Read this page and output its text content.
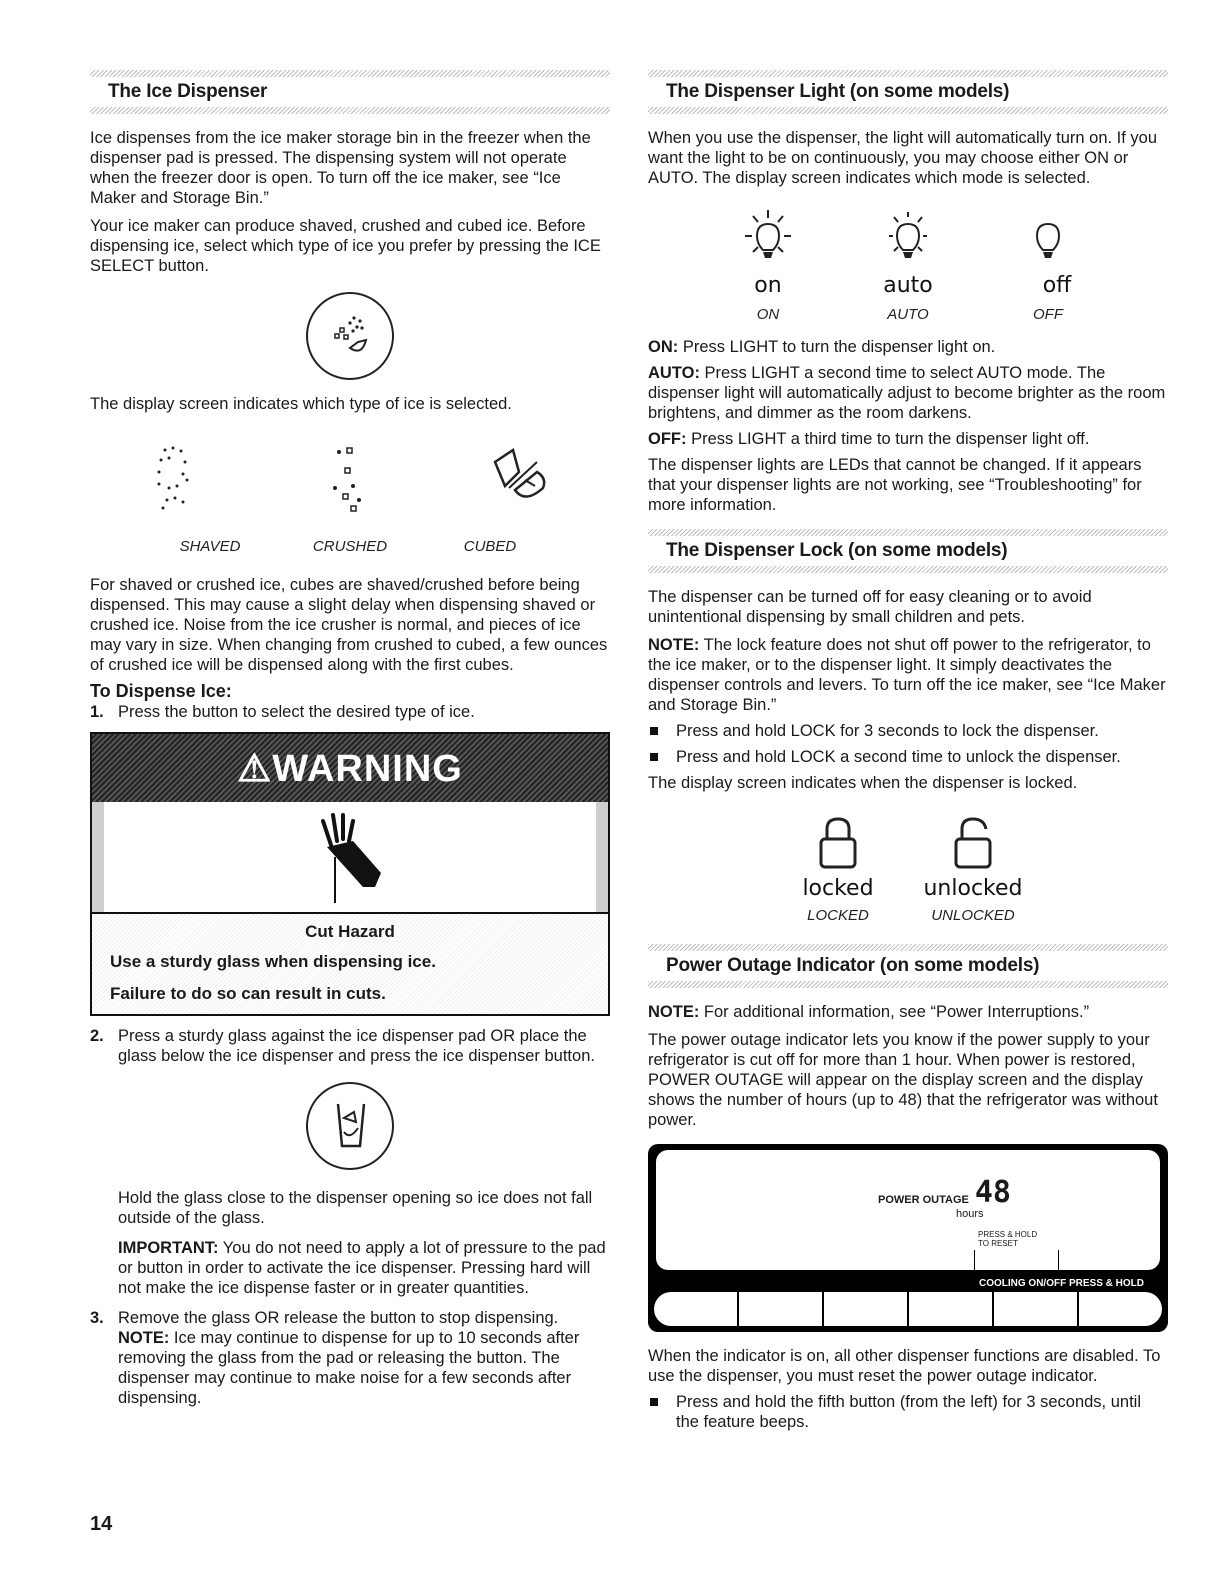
The Ice Dispenser

Ice dispenses from the ice maker storage bin in the freezer when the dispenser pad is pressed. The dispensing system will not operate when the freezer door is open. To turn off the ice maker, see “Ice Maker and Storage Bin.”

Your ice maker can produce shaved, crushed and cubed ice. Before dispensing ice, select which type of ice you prefer by pressing the ICE SELECT button.

The display screen indicates which type of ice is selected.

SHAVED	CRUSHED	CUBED

For shaved or crushed ice, cubes are shaved/crushed before being dispensed. This may cause a slight delay when dispensing shaved or crushed ice. Noise from the ice crusher is normal, and pieces of ice may vary in size. When changing from crushed to cubed, a few ounces of crushed ice will be dispensed along with the first cubes.

To Dispense Ice:
1. Press the button to select the desired type of ice.
⚠WARNING
Cut Hazard
Use a sturdy glass when dispensing ice.
Failure to do so can result in cuts.
2. Press a sturdy glass against the ice dispenser pad OR place the glass below the ice dispenser and press the ice dispenser button.

Hold the glass close to the dispenser opening so ice does not fall outside of the glass.

IMPORTANT: You do not need to apply a lot of pressure to the pad or button in order to activate the ice dispenser. Pressing hard will not make the ice dispense faster or in greater quantities.

3. Remove the glass OR release the button to stop dispensing.

NOTE: Ice may continue to dispense for up to 10 seconds after removing the glass from the pad or releasing the button. The dispenser may continue to make noise for a few seconds after dispensing.

The Dispenser Light (on some models)

When you use the dispenser, the light will automatically turn on. If you want the light to be on continuously, you may choose either ON or AUTO. The display screen indicates which mode is selected.

on	auto	off
ON	AUTO	OFF

ON: Press LIGHT to turn the dispenser light on.

AUTO: Press LIGHT a second time to select AUTO mode. The dispenser light will automatically adjust to become brighter as the room brightens, and dimmer as the room darkens.

OFF: Press LIGHT a third time to turn the dispenser light off.

The dispenser lights are LEDs that cannot be changed. If it appears that your dispenser lights are not working, see “Troubleshooting” for more information.

The Dispenser Lock (on some models)

The dispenser can be turned off for easy cleaning or to avoid unintentional dispensing by small children and pets.

NOTE: The lock feature does not shut off power to the refrigerator, to the ice maker, or to the dispenser light. It simply deactivates the dispenser controls and levers. To turn off the ice maker, see “Ice Maker and Storage Bin.”

Press and hold LOCK for 3 seconds to lock the dispenser.
Press and hold LOCK a second time to unlock the dispenser.

The display screen indicates when the dispenser is locked.

locked	unlocked
LOCKED	UNLOCKED
Power Outage Indicator (on some models)

NOTE: For additional information, see “Power Interruptions.”

The power outage indicator lets you know if the power supply to your refrigerator is cut off for more than 1 hour. When power is restored, POWER OUTAGE will appear on the display screen and the display shows the number of hours (up to 48) that the refrigerator was without power.

POWER OUTAGE 48
hours
PRESS & HOLD
TO RESET
COOLING ON/OFF PRESS & HOLD

When the indicator is on, all other dispenser functions are disabled. To use the dispenser, you must reset the power outage indicator.

Press and hold the fifth button (from the left) for 3 seconds, until the feature beeps.
14
